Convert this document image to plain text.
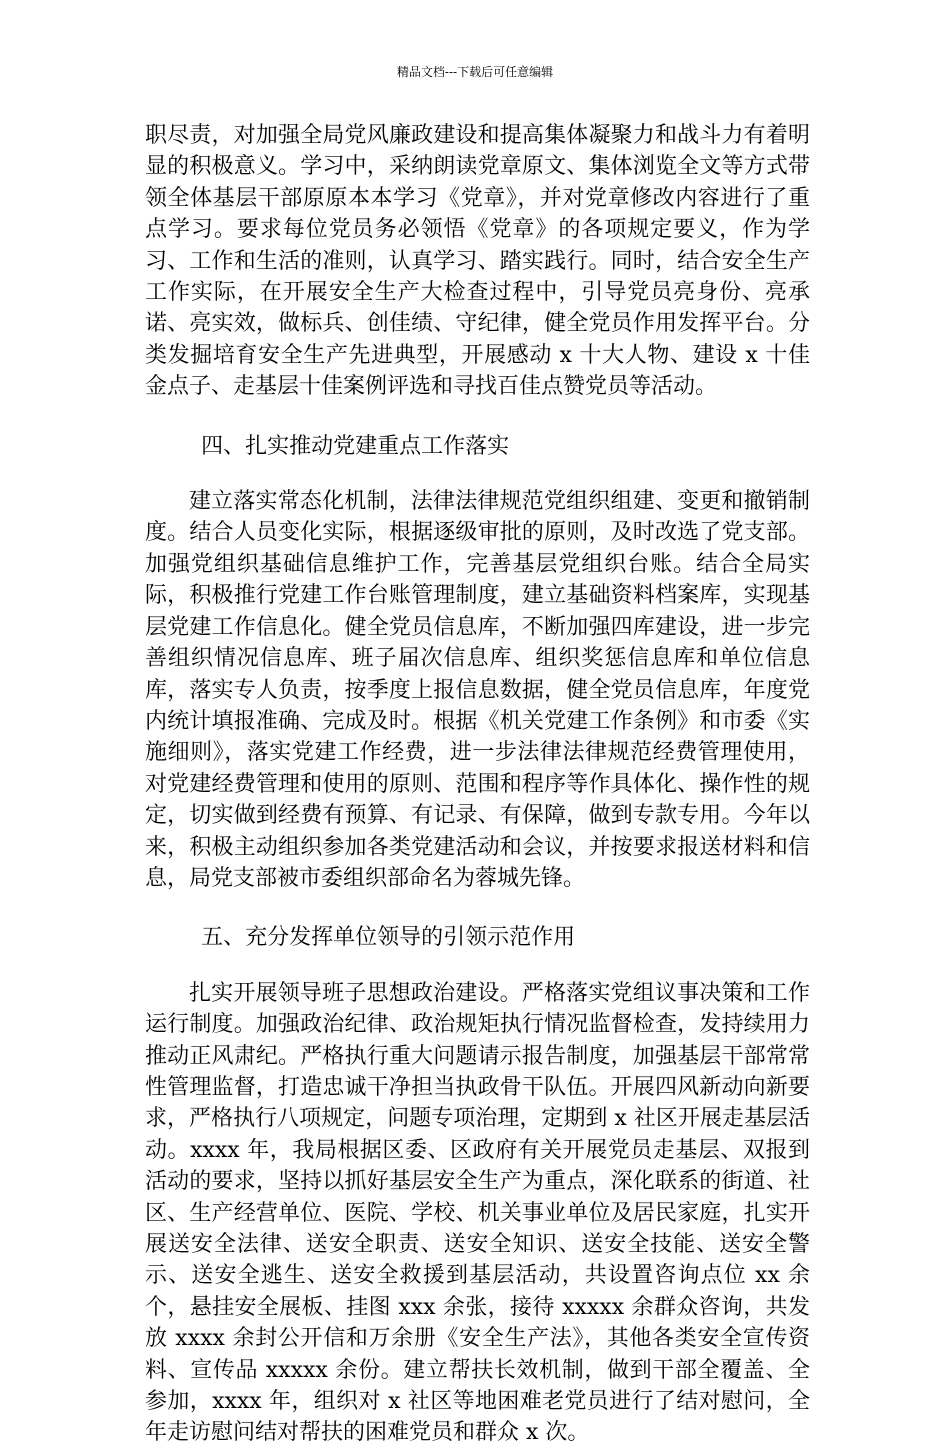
精品文档---下载后可任意编辑

职尽责，对加强全局党风廉政建设和提高集体凝聚力和战斗力有着明显的积极意义。学习中，采纳朗读党章原文、集体浏览全文等方式带领全体基层干部原原本本学习《党章》，并对党章修改内容进行了重点学习。要求每位党员务必领悟《党章》的各项规定要义，作为学习、工作和生活的准则，认真学习、踏实践行。同时，结合安全生产工作实际，在开展安全生产大检查过程中，引导党员亮身份、亮承诺、亮实效，做标兵、创佳绩、守纪律，健全党员作用发挥平台。分类发掘培育安全生产先进典型，开展感动 x 十大人物、建设 x 十佳金点子、走基层十佳案例评选和寻找百佳点赞党员等活动。

四、扎实推动党建重点工作落实

建立落实常态化机制，法律法律规范党组织组建、变更和撤销制度。结合人员变化实际，根据逐级审批的原则，及时改选了党支部。加强党组织基础信息维护工作，完善基层党组织台账。结合全局实际，积极推行党建工作台账管理制度，建立基础资料档案库，实现基层党建工作信息化。健全党员信息库，不断加强四库建设，进一步完善组织情况信息库、班子届次信息库、组织奖惩信息库和单位信息库，落实专人负责，按季度上报信息数据，健全党员信息库，年度党内统计填报准确、完成及时。根据《机关党建工作条例》和市委《实施细则》，落实党建工作经费，进一步法律法律规范经费管理使用，对党建经费管理和使用的原则、范围和程序等作具体化、操作性的规定，切实做到经费有预算、有记录、有保障，做到专款专用。今年以来，积极主动组织参加各类党建活动和会议，并按要求报送材料和信息，局党支部被市委组织部命名为蓉城先锋。

五、充分发挥单位领导的引领示范作用

扎实开展领导班子思想政治建设。严格落实党组议事决策和工作运行制度。加强政治纪律、政治规矩执行情况监督检查，发持续用力推动正风肃纪。严格执行重大问题请示报告制度，加强基层干部常常性管理监督，打造忠诚干净担当执政骨干队伍。开展四风新动向新要求，严格执行八项规定，问题专项治理，定期到 x 社区开展走基层活动。xxxx 年，我局根据区委、区政府有关开展党员走基层、双报到活动的要求，坚持以抓好基层安全生产为重点，深化联系的街道、社区、生产经营单位、医院、学校、机关事业单位及居民家庭，扎实开展送安全法律、送安全职责、送安全知识、送安全技能、送安全警示、送安全逃生、送安全救援到基层活动，共设置咨询点位 xx 余个，悬挂安全展板、挂图 xxx 余张，接待 xxxxx 余群众咨询，共发放 xxxx 余封公开信和万余册《安全生产法》，其他各类安全宣传资料、宣传品 xxxxx 余份。建立帮扶长效机制，做到干部全覆盖、全参加，xxxx 年，组织对 x 社区等地困难老党员进行了结对慰问，全年走访慰问结对帮扶的困难党员和群众 x 次。
